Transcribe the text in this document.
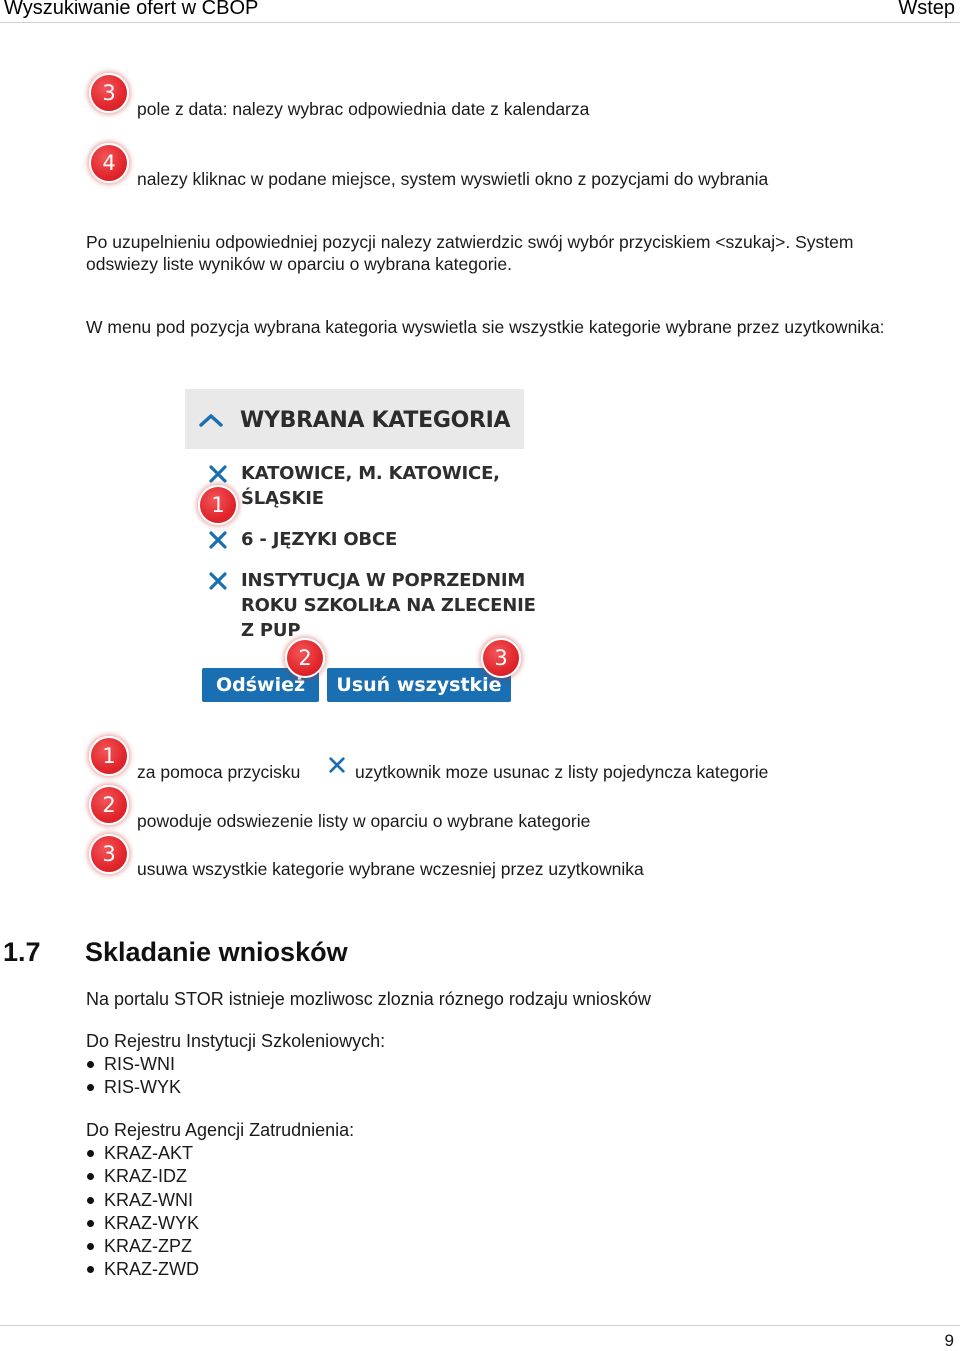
Wyszukiwanie ofert w CBOP	Wstep
3
pole z data: nalezy wybrac odpowiednia date z kalendarza
4
nalezy kliknac w podane miejsce, system wyswietli okno z pozycjami do wybrania
Po uzupelnieniu odpowiedniej pozycji nalezy zatwierdzic swój wybór przyciskiem <szukaj>. System
odswiezy liste wyników w oparciu o wybrana kategorie.
W menu pod pozycja wybrana kategoria wyswietla sie wszystkie kategorie wybrane przez uzytkownika:
WYBRANA KATEGORIA
KATOWICE, M. KATOWICE,
ŚLĄSKIE
6 - JĘZYKI OBCE
INSTYTUCJA W POPRZEDNIM
ROKU SZKOLIŁA NA ZLECENIE
Z PUP
Odśwież	Usuń wszystkie
1
2	3
1
za pomoca przycisku	uzytkownik moze usunac z listy pojedyncza kategorie
2
powoduje odswiezenie listy w oparciu o wybrane kategorie
3
usuwa wszystkie kategorie wybrane wczesniej przez uzytkownika
1.7 Skladanie wniosków
Na portalu STOR istnieje mozliwosc zloznia róznego rodzaju wniosków
Do Rejestru Instytucji Szkoleniowych:
RIS-WNI
RIS-WYK
Do Rejestru Agencji Zatrudnienia:
KRAZ-AKT
KRAZ-IDZ
KRAZ-WNI
KRAZ-WYK
KRAZ-ZPZ
KRAZ-ZWD
9
